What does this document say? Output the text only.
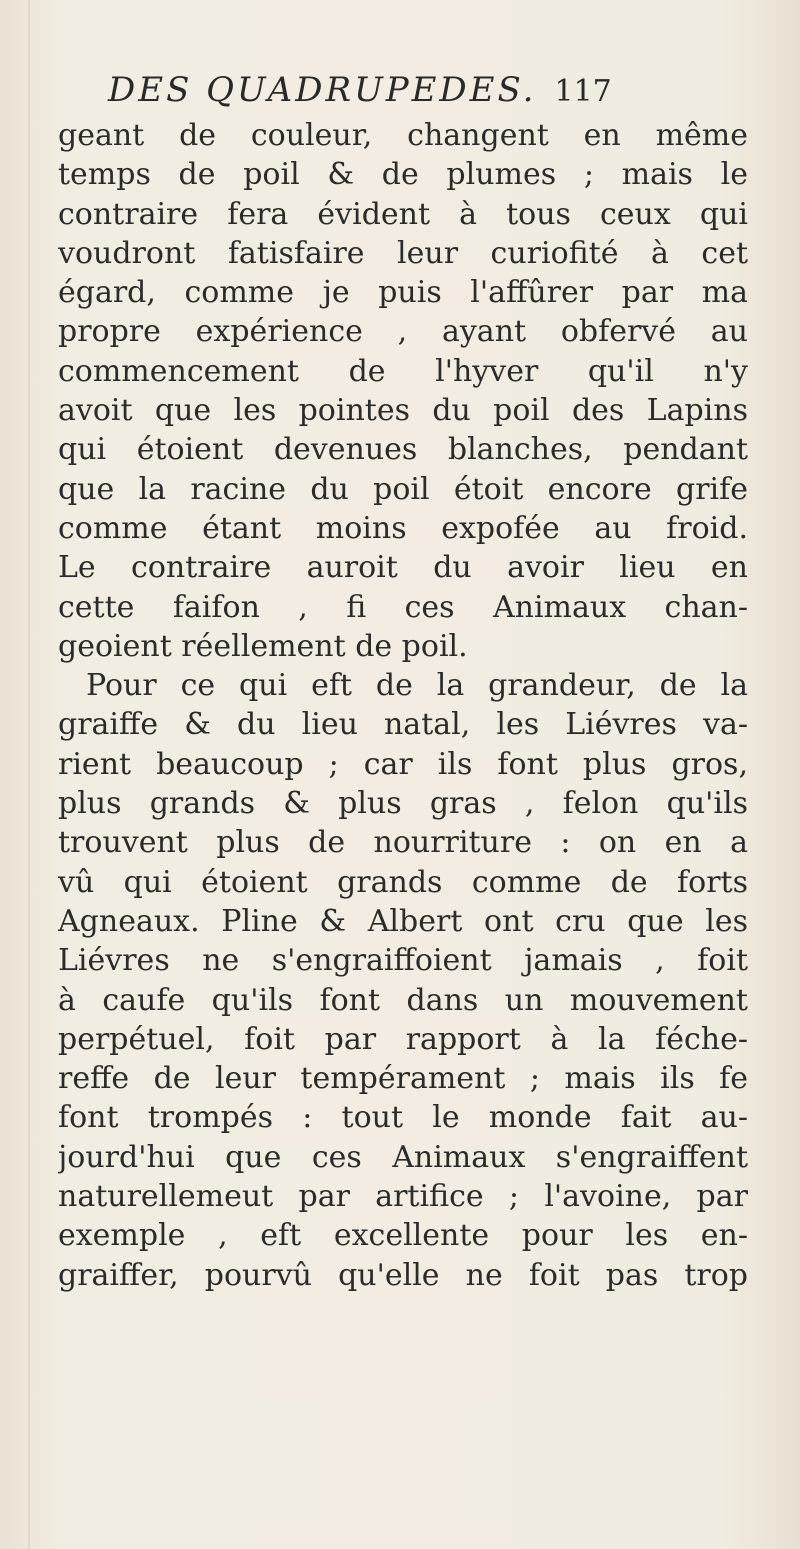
DES QUADRUPEDES. 117
geant de couleur, changent en même
temps de poil & de plumes ; mais le
contraire fera évident à tous ceux qui
voudront fatisfaire leur curiofité à cet
égard, comme je puis l'affûrer par ma
propre expérience , ayant obfervé au
commencement de l'hyver qu'il n'y
avoit que les pointes du poil des Lapins
qui étoient devenues blanches, pendant
que la racine du poil étoit encore grife
comme étant moins expofée au froid.
Le contraire auroit du avoir lieu en
cette faifon , fi ces Animaux chan-
geoient réellement de poil.
Pour ce qui eft de la grandeur, de la
graiffe & du lieu natal, les Liévres va-
rient beaucoup ; car ils font plus gros,
plus grands & plus gras , felon qu'ils
trouvent plus de nourriture : on en a
vû qui étoient grands comme de forts
Agneaux. Pline & Albert ont cru que les
Liévres ne s'engraiffoient jamais , foit
à caufe qu'ils font dans un mouvement
perpétuel, foit par rapport à la féche-
reffe de leur tempérament ; mais ils fe
font trompés : tout le monde fait au-
jourd'hui que ces Animaux s'engraiffent
naturellemeut par artifice ; l'avoine, par
exemple , eft excellente pour les en-
graiffer, pourvû qu'elle ne foit pas trop
